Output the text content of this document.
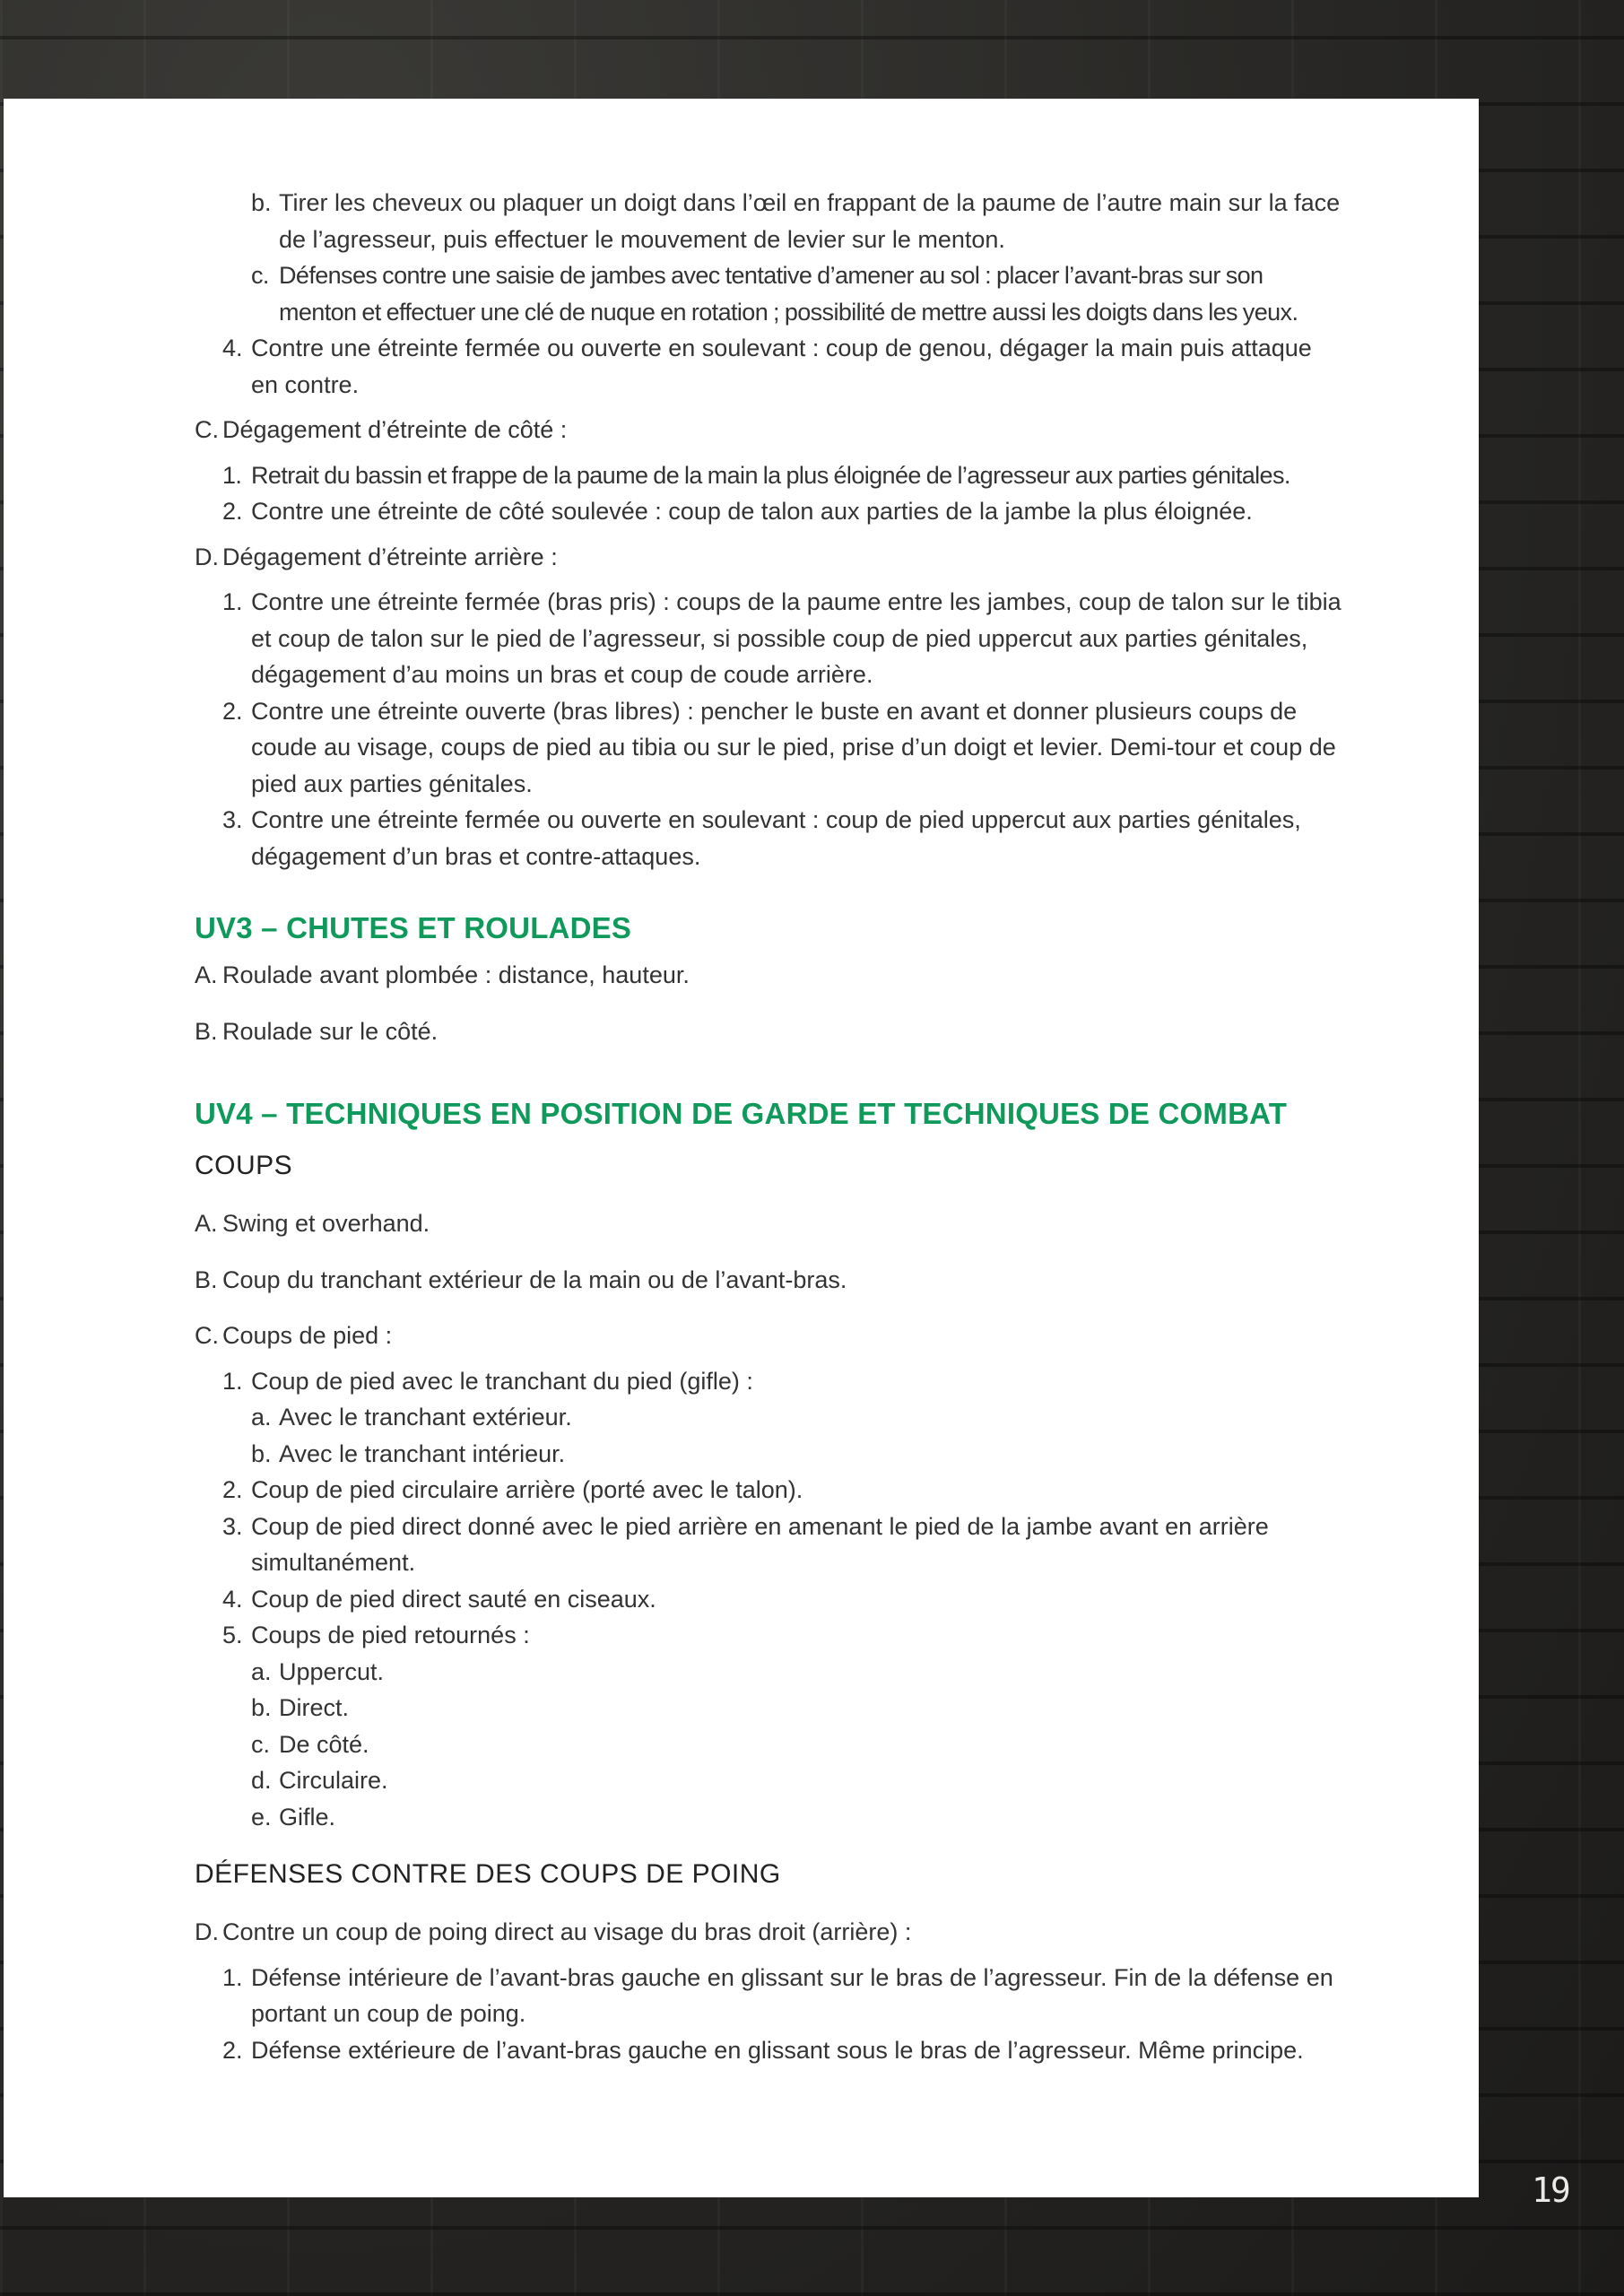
b. Tirer les cheveux ou plaquer un doigt dans l’œil en frappant de la paume de l’autre main sur la face de l’agresseur, puis effectuer le mouvement de levier sur le menton.
c. Défenses contre une saisie de jambes avec tentative d’amener au sol : placer l’avant-bras sur son menton et effectuer une clé de nuque en rotation ; possibilité de mettre aussi les doigts dans les yeux.
4. Contre une étreinte fermée ou ouverte en soulevant : coup de genou, dégager la main puis attaque en contre.
C. Dégagement d’étreinte de côté :
1. Retrait du bassin et frappe de la paume de la main la plus éloignée de l’agresseur aux parties génitales.
2. Contre une étreinte de côté soulevée : coup de talon aux parties de la jambe la plus éloignée.
D. Dégagement d’étreinte arrière :
1. Contre une étreinte fermée (bras pris) : coups de la paume entre les jambes, coup de talon sur le tibia et coup de talon sur le pied de l’agresseur, si possible coup de pied uppercut aux parties génitales, dégagement d’au moins un bras et coup de coude arrière.
2. Contre une étreinte ouverte (bras libres) : pencher le buste en avant et donner plusieurs coups de coude au visage, coups de pied au tibia ou sur le pied, prise d’un doigt et levier. Demi-tour et coup de pied aux parties génitales.
3. Contre une étreinte fermée ou ouverte en soulevant : coup de pied uppercut aux parties génitales, dégagement d’un bras et contre-attaques.
UV3 – CHUTES ET ROULADES
A. Roulade avant plombée : distance, hauteur.
B. Roulade sur le côté.
UV4 – TECHNIQUES EN POSITION DE GARDE ET TECHNIQUES DE COMBAT
COUPS
A. Swing et overhand.
B. Coup du tranchant extérieur de la main ou de l’avant-bras.
C. Coups de pied :
1. Coup de pied avec le tranchant du pied (gifle) :
a. Avec le tranchant extérieur.
b. Avec le tranchant intérieur.
2. Coup de pied circulaire arrière (porté avec le talon).
3. Coup de pied direct donné avec le pied arrière en amenant le pied de la jambe avant en arrière simultanément.
4. Coup de pied direct sauté en ciseaux.
5. Coups de pied retournés :
a. Uppercut.
b. Direct.
c. De côté.
d. Circulaire.
e. Gifle.
DÉFENSES CONTRE DES COUPS DE POING
D. Contre un coup de poing direct au visage du bras droit (arrière) :
1. Défense intérieure de l’avant-bras gauche en glissant sur le bras de l’agresseur. Fin de la défense en portant un coup de poing.
2. Défense extérieure de l’avant-bras gauche en glissant sous le bras de l’agresseur. Même principe.
19
